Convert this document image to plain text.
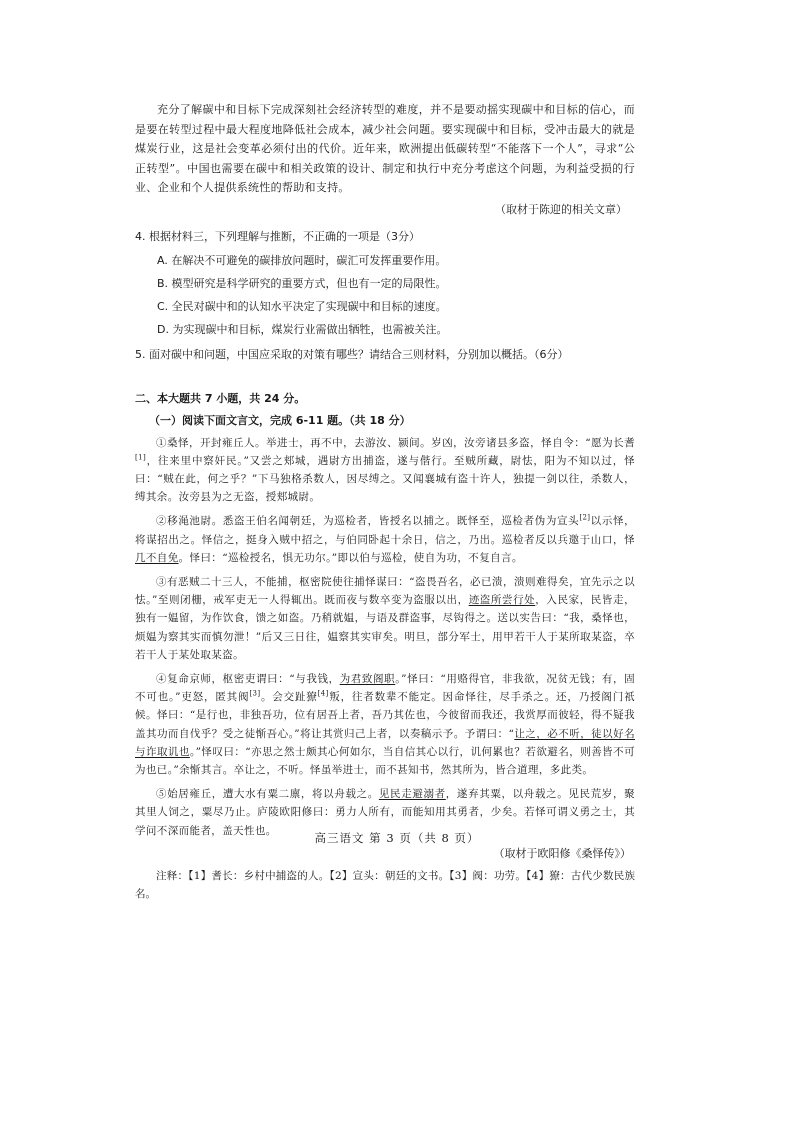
充分了解碳中和目标下完成深刻社会经济转型的难度，并不是要动摇实现碳中和目标的信心，而是要在转型过程中最大程度地降低社会成本，减少社会问题。要实现碳中和目标，受冲击最大的就是煤炭行业，这是社会变革必须付出的代价。近年来，欧洲提出低碳转型“不能落下一个人”，寻求“公正转型”。中国也需要在碳中和相关政策的设计、制定和执行中充分考虑这个问题，为利益受损的行业、企业和个人提供系统性的帮助和支持。

（取材于陈迎的相关文章）

4. 根据材料三，下列理解与推断，不正确的一项是（3分）

A. 在解决不可避免的碳排放问题时，碳汇可发挥重要作用。

B. 模型研究是科学研究的重要方式，但也有一定的局限性。

C. 全民对碳中和的认知水平决定了实现碳中和目标的速度。

D. 为实现碳中和目标，煤炭行业需做出牺牲，也需被关注。

5. 面对碳中和问题，中国应采取的对策有哪些？请结合三则材料，分别加以概括。（6分）

二、本大题共 7 小题，共 24 分。

（一）阅读下面文言文，完成 6-11 题。（共 18 分）

①桑怿，开封雍丘人。举进士，再不中，去游汝、颍间。岁凶，汝旁诸县多盗，怿自令：“愿为长耆[1]，往来里中察奸民。”又尝之郏城，遇尉方出捕盗，遂与偕行。至贼所藏，尉怯，阳为不知以过，怿曰：“贼在此，何之乎？”下马独格杀数人，因尽缚之。又闻襄城有盗十许人，独提一剑以往，杀数人，缚其余。汝旁县为之无盗，授郏城尉。

②移渑池尉。悉盗王伯名闻朝廷，为巡检者，皆授名以捕之。既怿至，巡检者伪为宣头[2]以示怿，将谋招出之。怿信之，挺身入贼中招之，与伯同卧起十余日，信之，乃出。巡检者反以兵邀于山口，怿几不自免。怿曰：“巡检授名，惧无功尔。”即以伯与巡检，使自为功，不复自言。

③有恶贼二十三人，不能捕，枢密院使往捕怿谋曰：“盗畏吾名，必已溃，溃则难得矣，宜先示之以怯。”至则闭栅，戒军吏无一人得辄出。既而夜与数卒变为盗服以出，迹盗所尝行处，入民家，民皆走，独有一媪留，为作饮食，馈之如盗。乃稍就媪，与语及群盗事，尽钩得之。送以实告曰：“我，桑怿也，烦媪为察其实而慎勿泄！”后又三日往，媪察其实审矣。明旦，部分军士，用甲若干人于某所取某盗，卒若干人于某处取某盗。

④复命京师，枢密吏谓曰：“与我钱，为君致阁职。”怿曰：“用赂得官，非我欲，况贫无钱；有，固不可也。”吏怒，匿其阀[3]。会交趾獠[4]叛，往者数辈不能定。因命怿往，尽手杀之。还，乃授阁门祇候。怿曰：“是行也，非独吾功，位有居吾上者，吾乃其佐也，今彼留而我还，我赏厚而彼轻，得不疑我盖其功而自伐乎？受之徒惭吾心。”将让其赏归己上者，以奏稿示予。予谓曰：“让之，必不听，徒以好名与诈取讥也。”怿叹曰：“亦思之然士颇其心何如尔，当自信其心以行，讥何累也？若欲避名，则善皆不可为也已。”余惭其言。卒让之，不听。怿虽举进士，而不甚知书，然其所为，皆合道理，多此类。

⑤始居雍丘，遭大水有粟二廪，将以舟载之。见民走避溺者，遂弃其粟，以舟载之。见民荒岁，聚其里人饲之，粟尽乃止。庐陵欧阳修曰：勇力人所有，而能知用其勇者，少矣。若怿可谓义勇之士，其学问不深而能者，盖天性也。

（取材于欧阳修《桑怿传》）

注释：【1】耆长：乡村中捕盗的人。【2】宣头：朝廷的文书。【3】阀：功劳。【4】獠：古代少数民族名。

高三语文 第 3 页（共 8 页）
